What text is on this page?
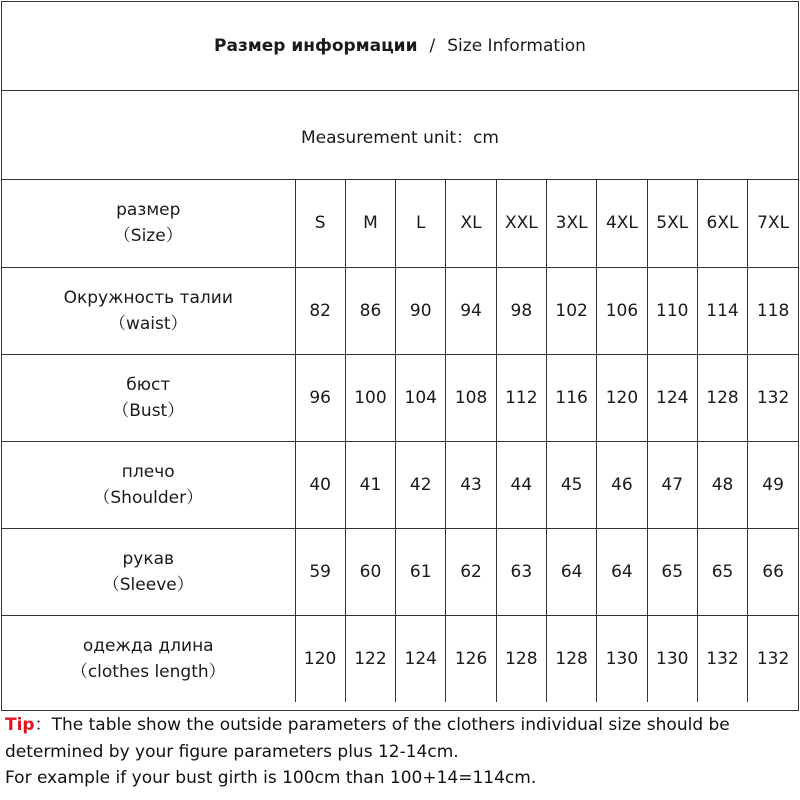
Размер информации / Size Information
Measurement unit：cm
размер
（Size）	S	M	L	XL	XXL	3XL	4XL	5XL	6XL	7XL
Окружность талии
（waist）	82	86	90	94	98	102	106	110	114	118
бюст
（Bust）	96	100	104	108	112	116	120	124	128	132
плечо
（Shoulder）	40	41	42	43	44	45	46	47	48	49
рукав
（Sleeve）	59	60	61	62	63	64	64	65	65	66
одежда длина
（clothes length）	120	122	124	126	128	128	130	130	132	132
Tip：The table show the outside parameters of the clothers individual size should be
determined by your figure parameters plus 12-14cm.
For example if your bust girth is 100cm than 100+14=114cm.
